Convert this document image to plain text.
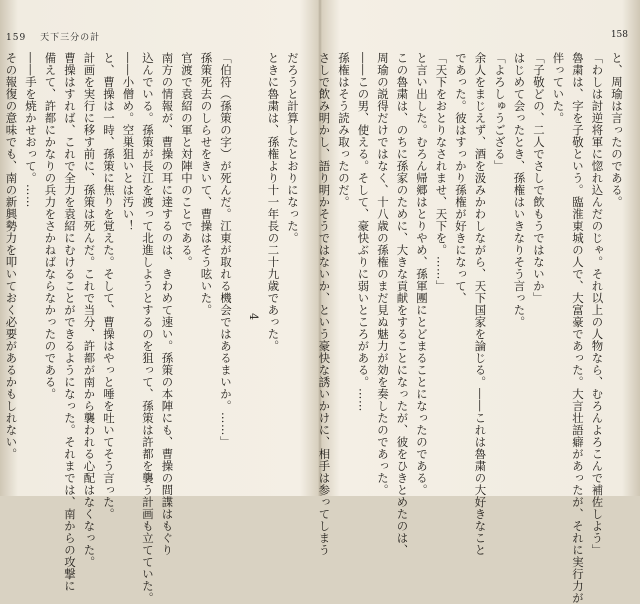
159 天下三分の計
だろうと計算したとおりになった。
ときに魯粛は、孫権より十一年長の二十九歳であった。
4
「伯符（孫策の字）が死んだ。江東が取れる機会ではあるまいか。……」
孫策死去のしらせをきいて、曹操はそう呟いた。
官渡で袁紹の軍と対陣中のことである。
南方の情報が、曹操の耳に達するのは、きわめて速い。孫策の本陣にも、曹操の間諜はもぐり
込んでいる。孫策が長江を渡って北進しようとするのを狙って、孫策は許都を襲う計画も立てていた。
――小僧め。空巣狙いとは汚い！
と、曹操は一時、孫策に焦りを覚えた。そして、曹操はやっと唾を吐いてそう言った。
計画を実行に移す前に、孫策は死んだ。これで当分、許都が南から襲われる心配はなくなった。
曹操はすれば、これで全力を袁紹にむけることができるようになった。それまでは、南からの攻撃に
備えて、許都にかなりの兵力をさかねばならなかったのである。
――手を焼かせおって。……
その報復の意味でも、南の新興勢力を叩いておく必要があるかもしれない。
158
と、周瑜は言ったのである。
「わしは討逆将軍に惚れ込んだのじゃ。それ以上の人物なら、むろんよろこんで補佐しよう」
魯粛は、字を子敬という。臨淮東城の人で、大富豪であった。大言壮語癖があったが、それに実行力が
伴っていた。
「子敬どの、二人でさしで飲もうではないか」
はじめて会ったとき、孫権はいきなりそう言った。
「よろしゅうござる」
余人をまじえず、酒を汲みかわしながら、天下国家を論じる。――これは魯粛の大好きなこと
であった。彼はすっかり孫権が好きになって、
「天下をおとりなされませ、天下を。……」
と言い出した。むろん帰郷はとりやめ、孫軍團にとどまることになったのである。
この魯粛は、のちに孫家のために、大きな貢献をすることになったが、彼をひきとめたのは、
周瑜の説得だけではなく、十八歳の孫権のまだ見ぬ魅力が効を奏したのであった。
――この男、使える。そして、豪快ぶりに弱いところがある。……
孫権はそう読み取ったのだ。
さしで飲み明かし、語り明かそうではないか、という豪快な誘いかけに、相手は参ってしまう
